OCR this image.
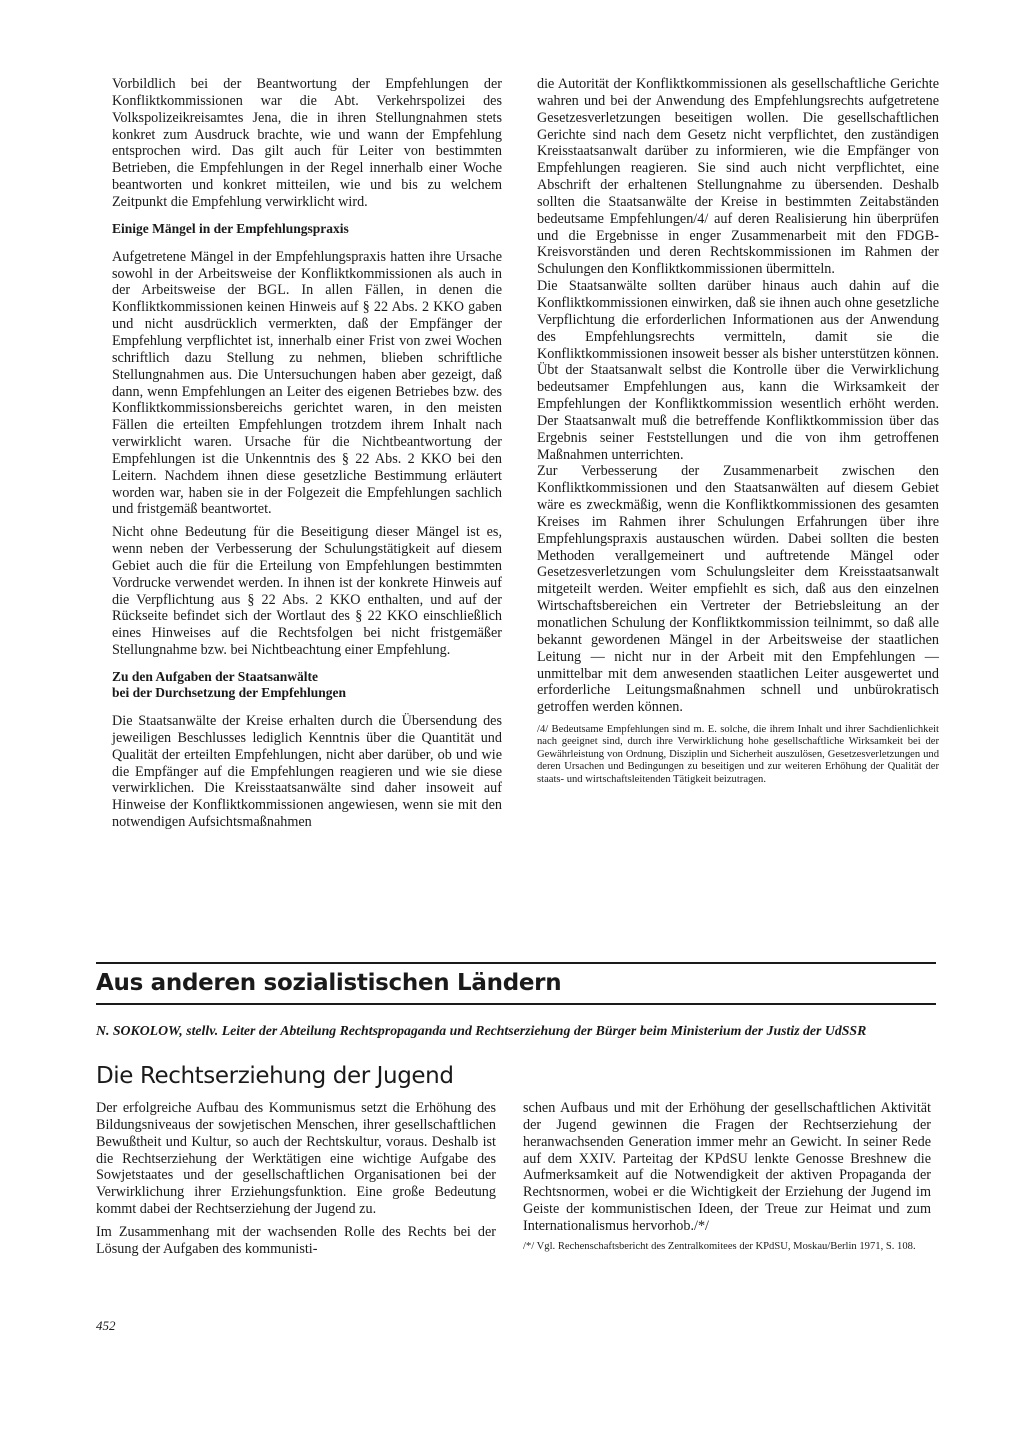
Vorbildlich bei der Beantwortung der Empfehlungen der Konfliktkommissionen war die Abt. Verkehrspolizei des Volkspolizeikreisamtes Jena, die in ihren Stellungnahmen stets konkret zum Ausdruck brachte, wie und wann der Empfehlung entsprochen wird. Das gilt auch für Leiter von bestimmten Betrieben, die Empfehlungen in der Regel innerhalb einer Woche beantworten und konkret mitteilen, wie und bis zu welchem Zeitpunkt die Empfehlung verwirklicht wird.

Einige Mängel in der Empfehlungspraxis

Aufgetretene Mängel in der Empfehlungspraxis hatten ihre Ursache sowohl in der Arbeitsweise der Konfliktkommissionen als auch in der Arbeitsweise der BGL. In allen Fällen, in denen die Konfliktkommissionen keinen Hinweis auf § 22 Abs. 2 KKO gaben und nicht ausdrücklich vermerkten, daß der Empfänger der Empfehlung verpflichtet ist, innerhalb einer Frist von zwei Wochen schriftlich dazu Stellung zu nehmen, blieben schriftliche Stellungnahmen aus. Die Untersuchungen haben aber gezeigt, daß dann, wenn Empfehlungen an Leiter des eigenen Betriebes bzw. des Konfliktkommissionsbereichs gerichtet waren, in den meisten Fällen die erteilten Empfehlungen trotzdem ihrem Inhalt nach verwirklicht waren. Ursache für die Nichtbeantwortung der Empfehlungen ist die Unkenntnis des § 22 Abs. 2 KKO bei den Leitern. Nachdem ihnen diese gesetzliche Bestimmung erläutert worden war, haben sie in der Folgezeit die Empfehlungen sachlich und fristgemäß beantwortet.

Nicht ohne Bedeutung für die Beseitigung dieser Mängel ist es, wenn neben der Verbesserung der Schulungstätigkeit auf diesem Gebiet auch die für die Erteilung von Empfehlungen bestimmten Vordrucke verwendet werden. In ihnen ist der konkrete Hinweis auf die Verpflichtung aus § 22 Abs. 2 KKO enthalten, und auf der Rückseite befindet sich der Wortlaut des § 22 KKO einschließlich eines Hinweises auf die Rechtsfolgen bei nicht fristgemäßer Stellungnahme bzw. bei Nichtbeachtung einer Empfehlung.

Zu den Aufgaben der Staatsanwälte
bei der Durchsetzung der Empfehlungen

Die Staatsanwälte der Kreise erhalten durch die Übersendung des jeweiligen Beschlusses lediglich Kenntnis über die Quantität und Qualität der erteilten Empfehlungen, nicht aber darüber, ob und wie die Empfänger auf die Empfehlungen reagieren und wie sie diese verwirklichen. Die Kreisstaatsanwälte sind daher insoweit auf Hinweise der Konfliktkommissionen angewiesen, wenn sie mit den notwendigen Aufsichtsmaßnahmen

die Autorität der Konfliktkommissionen als gesellschaftliche Gerichte wahren und bei der Anwendung des Empfehlungsrechts aufgetretene Gesetzesverletzungen beseitigen wollen. Die gesellschaftlichen Gerichte sind nach dem Gesetz nicht verpflichtet, den zuständigen Kreisstaatsanwalt darüber zu informieren, wie die Empfänger von Empfehlungen reagieren. Sie sind auch nicht verpflichtet, eine Abschrift der erhaltenen Stellungnahme zu übersenden. Deshalb sollten die Staatsanwälte der Kreise in bestimmten Zeitabständen bedeutsame Empfehlungen/4/ auf deren Realisierung hin überprüfen und die Ergebnisse in enger Zusammenarbeit mit den FDGB-Kreisvorständen und deren Rechtskommissionen im Rahmen der Schulungen den Konfliktkommissionen übermitteln.

Die Staatsanwälte sollten darüber hinaus auch dahin auf die Konfliktkommissionen einwirken, daß sie ihnen auch ohne gesetzliche Verpflichtung die erforderlichen Informationen aus der Anwendung des Empfehlungsrechts vermitteln, damit sie die Konfliktkommissionen insoweit besser als bisher unterstützen können. Übt der Staatsanwalt selbst die Kontrolle über die Verwirklichung bedeutsamer Empfehlungen aus, kann die Wirksamkeit der Empfehlungen der Konfliktkommission wesentlich erhöht werden. Der Staatsanwalt muß die betreffende Konfliktkommission über das Ergebnis seiner Feststellungen und die von ihm getroffenen Maßnahmen unterrichten.

Zur Verbesserung der Zusammenarbeit zwischen den Konfliktkommissionen und den Staatsanwälten auf diesem Gebiet wäre es zweckmäßig, wenn die Konfliktkommissionen des gesamten Kreises im Rahmen ihrer Schulungen Erfahrungen über ihre Empfehlungspraxis austauschen würden. Dabei sollten die besten Methoden verallgemeinert und auftretende Mängel oder Gesetzesverletzungen vom Schulungsleiter dem Kreisstaatsanwalt mitgeteilt werden. Weiter empfiehlt es sich, daß aus den einzelnen Wirtschaftsbereichen ein Vertreter der Betriebsleitung an der monatlichen Schulung der Konfliktkommission teilnimmt, so daß alle bekannt gewordenen Mängel in der Arbeitsweise der staatlichen Leitung — nicht nur in der Arbeit mit den Empfehlungen — unmittelbar mit dem anwesenden staatlichen Leiter ausgewertet und erforderliche Leitungsmaßnahmen schnell und unbürokratisch getroffen werden können.

/4/ Bedeutsame Empfehlungen sind m. E. solche, die ihrem Inhalt und ihrer Sachdienlichkeit nach geeignet sind, durch ihre Verwirklichung hohe gesellschaftliche Wirksamkeit bei der Gewährleistung von Ordnung, Disziplin und Sicherheit auszulösen, Gesetzesverletzungen und deren Ursachen und Bedingungen zu beseitigen und zur weiteren Erhöhung der Qualität der staats- und wirtschaftsleitenden Tätigkeit beizutragen.

Aus anderen sozialistischen Ländern

N. SOKOLOW, stellv. Leiter der Abteilung Rechtspropaganda und Rechtserziehung der Bürger beim Ministerium der Justiz der UdSSR

Die Rechtserziehung der Jugend

Der erfolgreiche Aufbau des Kommunismus setzt die Erhöhung des Bildungsniveaus der sowjetischen Menschen, ihrer gesellschaftlichen Bewußtheit und Kultur, so auch der Rechtskultur, voraus. Deshalb ist die Rechtserziehung der Werktätigen eine wichtige Aufgabe des Sowjetstaates und der gesellschaftlichen Organisationen bei der Verwirklichung ihrer Erziehungsfunktion. Eine große Bedeutung kommt dabei der Rechtserziehung der Jugend zu.

Im Zusammenhang mit der wachsenden Rolle des Rechts bei der Lösung der Aufgaben des kommunisti-

schen Aufbaus und mit der Erhöhung der gesellschaftlichen Aktivität der Jugend gewinnen die Fragen der Rechtserziehung der heranwachsenden Generation immer mehr an Gewicht. In seiner Rede auf dem XXIV. Parteitag der KPdSU lenkte Genosse Breshnew die Aufmerksamkeit auf die Notwendigkeit der aktiven Propaganda der Rechtsnormen, wobei er die Wichtigkeit der Erziehung der Jugend im Geiste der kommunistischen Ideen, der Treue zur Heimat und zum Internationalismus hervorhob./*/

/*/ Vgl. Rechenschaftsbericht des Zentralkomitees der KPdSU, Moskau/Berlin 1971, S. 108.

452
